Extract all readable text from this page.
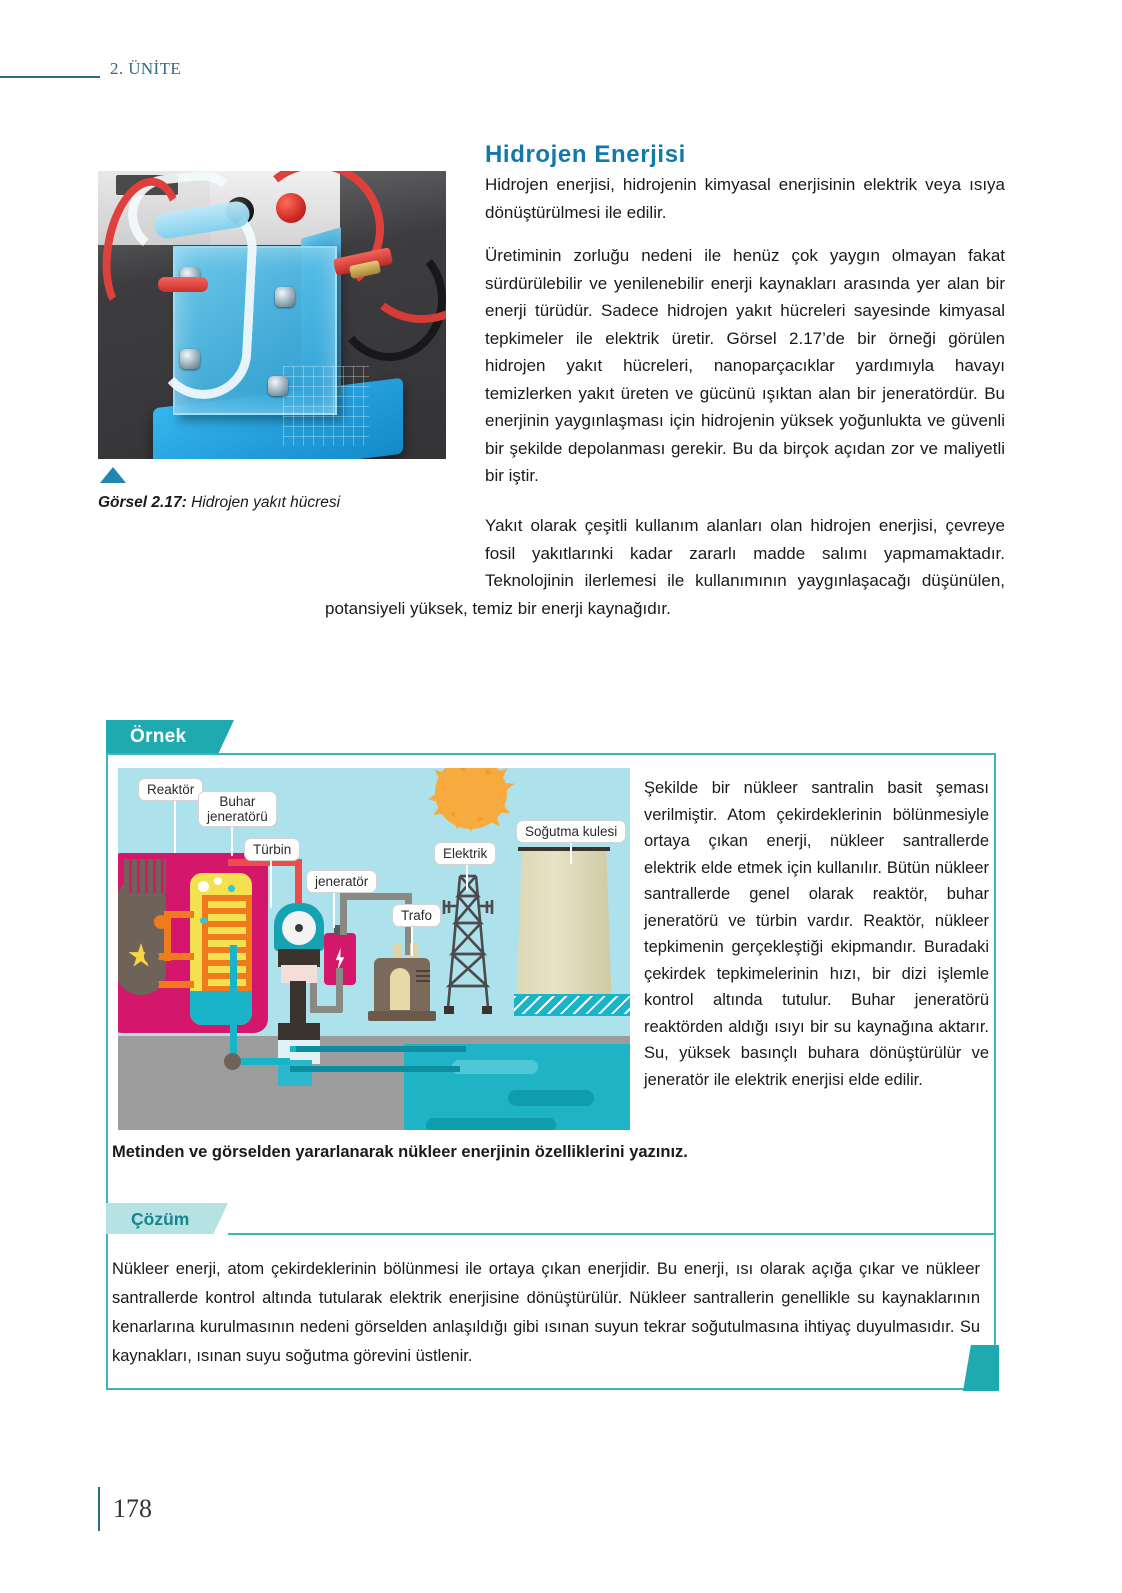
2. ÜNİTE
Hidrojen Enerjisi
Görsel 2.17: Hidrojen yakıt hücresi

Hidrojen enerjisi, hidrojenin kimyasal enerjisinin elektrik veya ısıya dönüştürülmesi ile edilir.

Üretiminin zorluğu nedeni ile henüz çok yaygın olmayan fakat sürdürülebilir ve yenilenebilir enerji kaynakları arasında yer alan bir enerji türüdür. Sadece hidrojen yakıt hücreleri sayesinde kimyasal tepkimeler ile elektrik üretir. Görsel 2.17’de bir örneği görülen hidrojen yakıt hücreleri, nanoparçacıklar yardımıyla havayı temizlerken yakıt üreten ve gücünü ışıktan alan bir jeneratördür. Bu enerjinin yaygınlaşması için hidrojenin yüksek yoğunlukta ve güvenli bir şekilde depolanması gerekir. Bu da birçok açıdan zor ve maliyetli bir iştir.

Yakıt olarak çeşitli kullanım alanları olan hidrojen enerjisi, çevreye fosil yakıtlarınki kadar zararlı madde salımı yapmamaktadır. Teknolojinin ilerlemesi ile kullanımının yaygınlaşacağı düşünülen, potansiyeli yüksek, temiz bir enerji kaynağıdır.
Örnek
Reaktör
Buhar
jeneratörü
Türbin
jeneratör
Trafo
Elektrik
Soğutma kulesi
Şekilde bir nükleer santralin basit şeması verilmiştir. Atom çekirdeklerinin bölünmesiyle ortaya çıkan enerji, nükleer santrallerde elektrik elde etmek için kullanılır. Bütün nükleer santrallerde genel olarak reaktör, buhar jeneratörü ve türbin vardır. Reaktör, nükleer tepkimenin gerçekleştiği ekipmandır. Buradaki çekirdek tepkimelerinin hızı, bir dizi işlemle kontrol altında tutulur. Buhar jeneratörü reaktörden aldığı ısıyı bir su kaynağına aktarır. Su, yüksek basınçlı buhara dönüştürülür ve jeneratör ile elektrik enerjisi elde edilir.
Metinden ve görselden yararlanarak nükleer enerjinin özelliklerini yazınız.
Çözüm
Nükleer enerji, atom çekirdeklerinin bölünmesi ile ortaya çıkan enerjidir. Bu enerji, ısı olarak açığa çıkar ve nükleer santrallerde kontrol altında tutularak elektrik enerjisine dönüştürülür. Nükleer santrallerin genellikle su kaynaklarının kenarlarına kurulmasının nedeni görselden anlaşıldığı gibi ısınan suyun tekrar soğutulmasına ihtiyaç duyulmasıdır. Su kaynakları, ısınan suyu soğutma görevini üstlenir.
178
